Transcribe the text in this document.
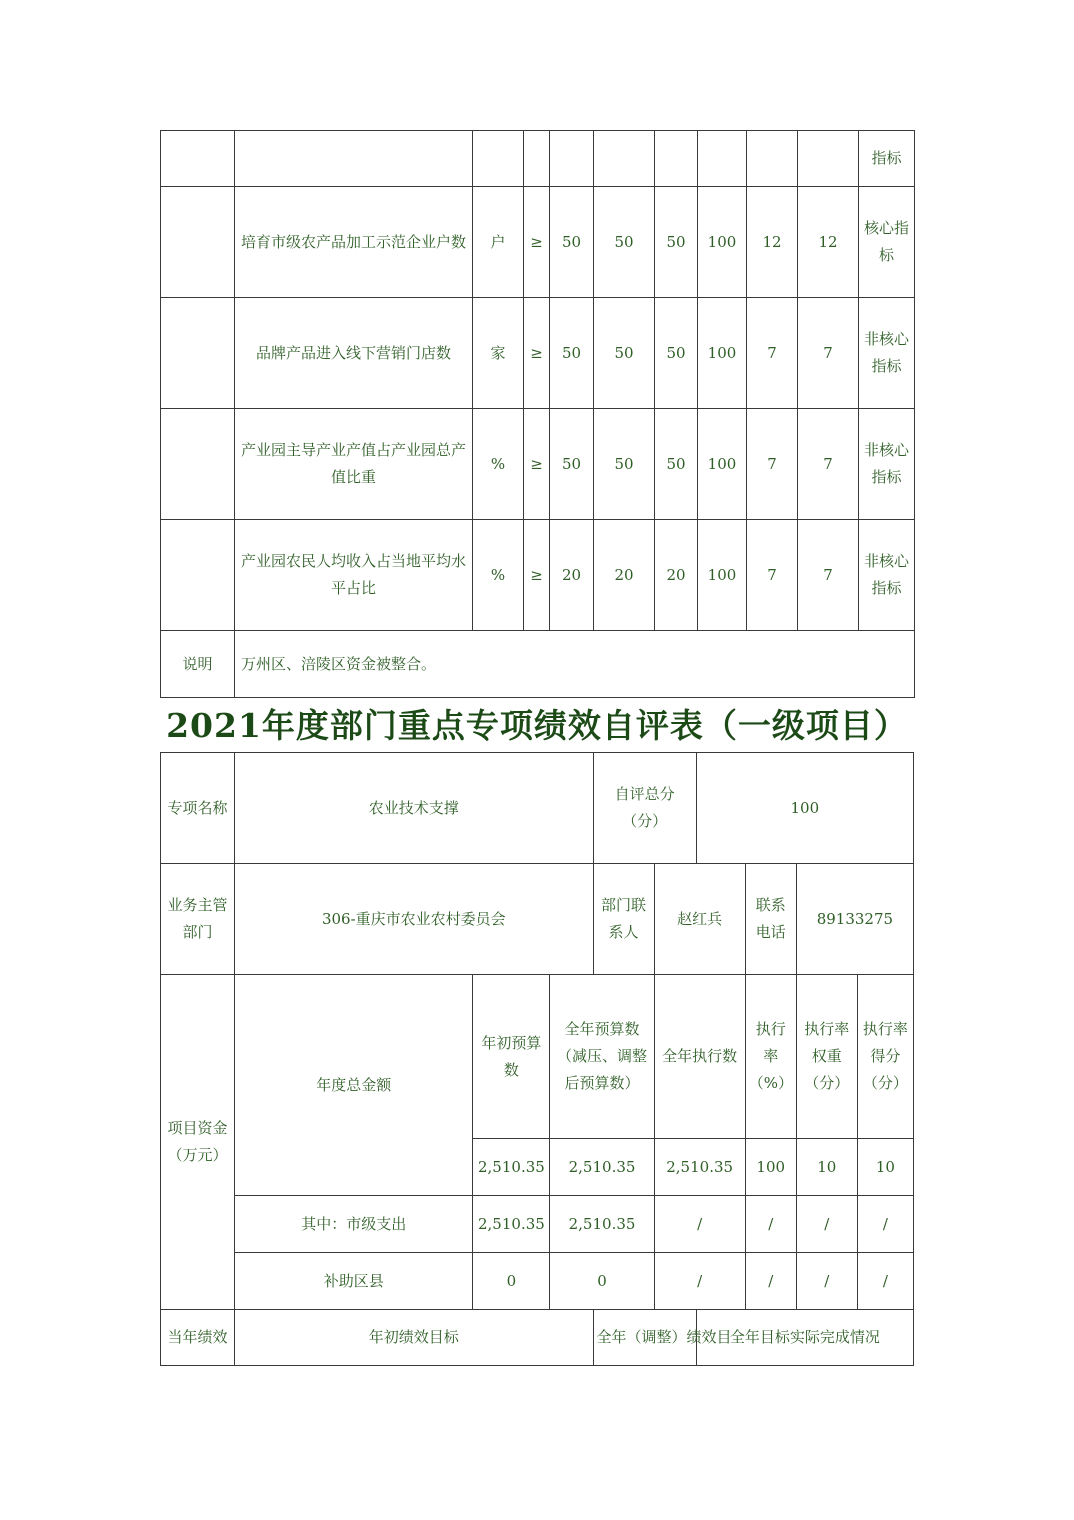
										指标
	培育市级农产品加工示范企业户数	户	≥	50	50	50	100	12	12	核心指标
	品牌产品进入线下营销门店数	家	≥	50	50	50	100	7	7	非核心指标
	产业园主导产业产值占产业园总产值比重	%	≥	50	50	50	100	7	7	非核心指标
	产业园农民人均收入占当地平均水平占比	%	≥	20	20	20	100	7	7	非核心指标
说明	万州区、涪陵区资金被整合。									
2021年度部门重点专项绩效自评表（一级项目）
专项名称	农业技术支撑			自评总分（分）		100			
业务主管部门	306-重庆市农业农村委员会			部门联系人	赵红兵		联系电话	89133275	
项目资金（万元）	年度总金额	年初预算数	全年预算数（减压、调整后预算数）		全年执行数		执行率（%）	执行率权重（分）	执行率得分（分）
		2,510.35	2,510.35		2,510.35		100	10	10
	其中：市级支出	2,510.35	2,510.35		/		/	/	/
	补助区县	0	0		/		/	/	/
当年绩效	年初绩效目标			全年（调整）绩效目		全年目标实际完成情况			
